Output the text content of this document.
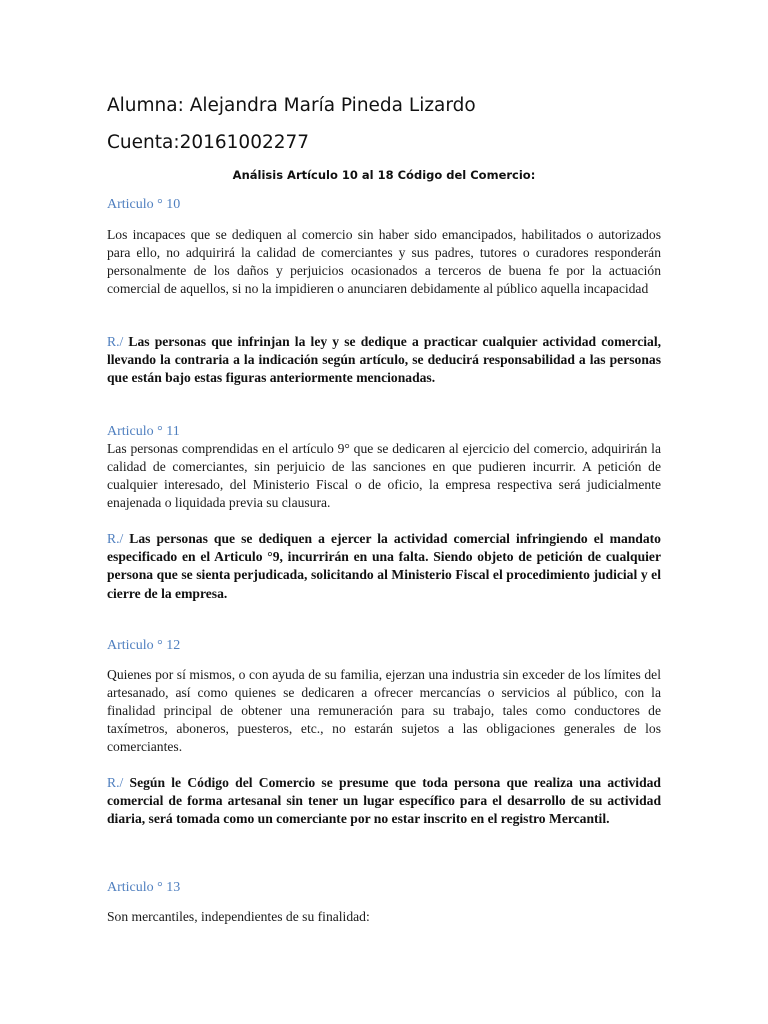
Alumna: Alejandra María Pineda Lizardo
Cuenta:20161002277
Análisis Artículo 10 al 18 Código del Comercio:
Articulo ° 10
Los incapaces que se dediquen al comercio sin haber sido emancipados, habilitados o autorizados para ello, no adquirirá la calidad de comerciantes y sus padres, tutores o curadores responderán personalmente de los daños y perjuicios ocasionados a terceros de buena fe por la actuación comercial de aquellos, si no la impidieren o anunciaren debidamente al público aquella incapacidad
R./ Las personas que infrinjan la ley y se dedique a practicar cualquier actividad comercial, llevando la contraria a la indicación según artículo, se deducirá responsabilidad a las personas que están bajo estas figuras anteriormente mencionadas.
Articulo ° 11
Las personas comprendidas en el artículo 9° que se dedicaren al ejercicio del comercio, adquirirán la calidad de comerciantes, sin perjuicio de las sanciones en que pudieren incurrir. A petición de cualquier interesado, del Ministerio Fiscal o de oficio, la empresa respectiva será judicialmente enajenada o liquidada previa su clausura.
R./ Las personas que se dediquen a ejercer la actividad comercial infringiendo el mandato especificado en el Articulo °9, incurrirán en una falta. Siendo objeto de petición de cualquier persona que se sienta perjudicada, solicitando al Ministerio Fiscal el procedimiento judicial y el cierre de la empresa.
Articulo ° 12
Quienes por sí mismos, o con ayuda de su familia, ejerzan una industria sin exceder de los límites del artesanado, así como quienes se dedicaren a ofrecer mercancías o servicios al público, con la finalidad principal de obtener una remuneración para su trabajo, tales como conductores de taxímetros, aboneros, puesteros, etc., no estarán sujetos a las obligaciones generales de los comerciantes.
R./ Según le Código del Comercio se presume que toda persona que realiza una actividad comercial de forma artesanal sin tener un lugar específico para el desarrollo de su actividad diaria, será tomada como un comerciante por no estar inscrito en el registro Mercantil.
Articulo ° 13
Son mercantiles, independientes de su finalidad:
